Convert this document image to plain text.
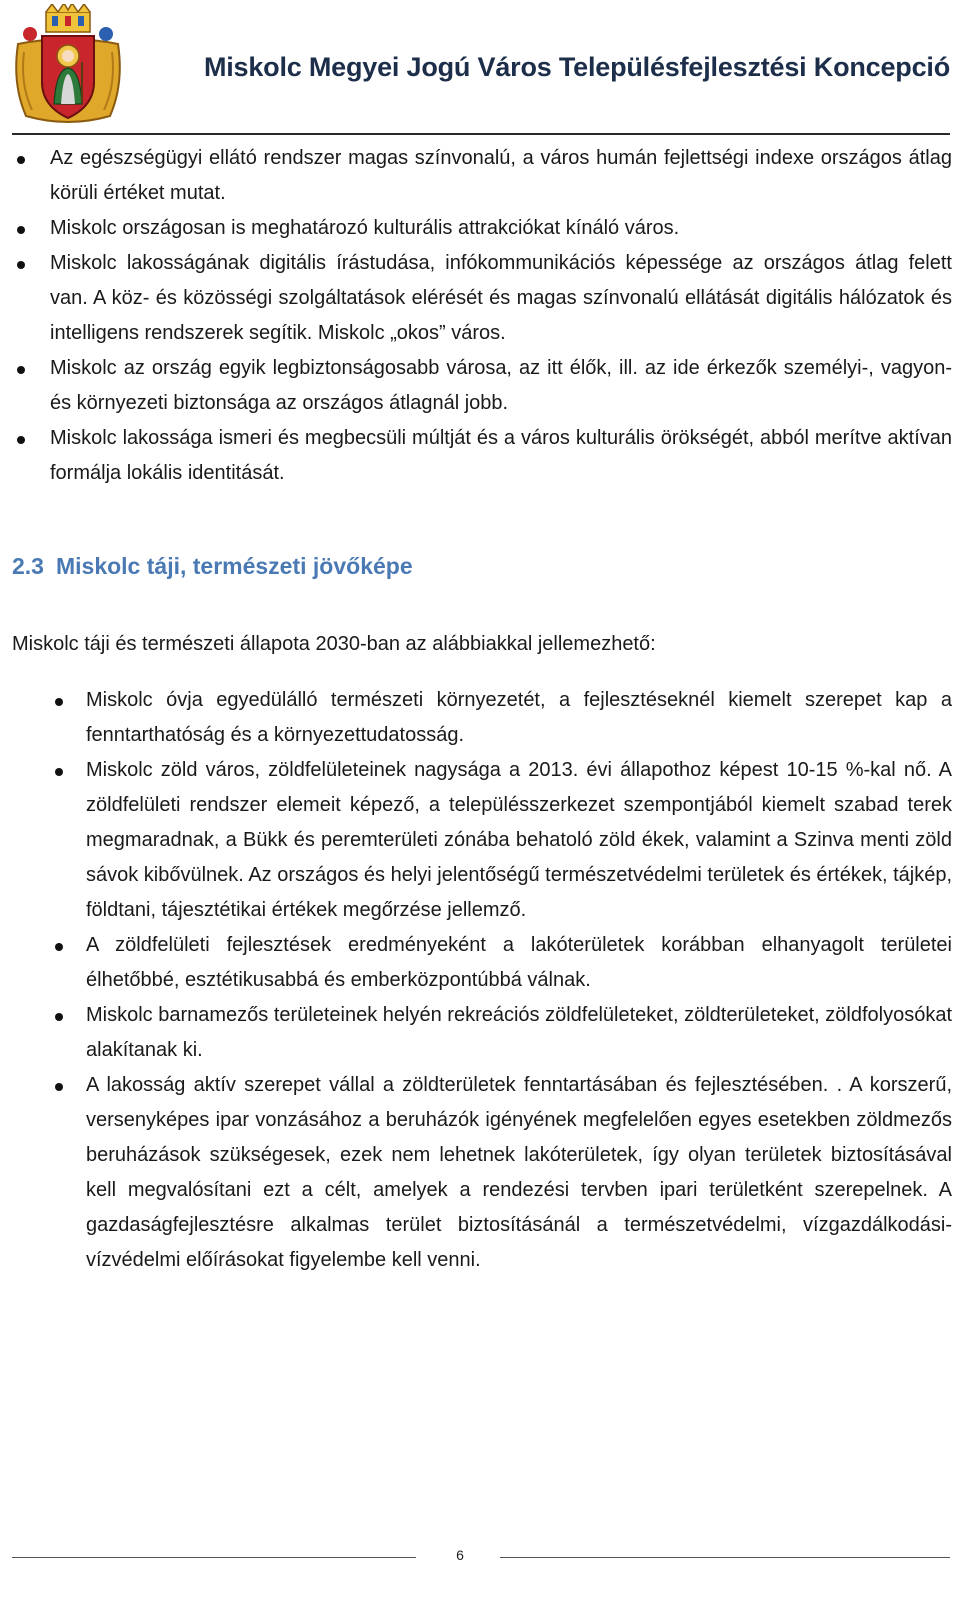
Miskolc Megyei Jogú Város Településfejlesztési Koncepció
Az egészségügyi ellátó rendszer magas színvonalú, a város humán fejlettségi indexe országos átlag körüli értéket mutat.
Miskolc országosan is meghatározó kulturális attrakciókat kínáló város.
Miskolc lakosságának digitális írástudása, infókommunikációs képessége az országos átlag felett van. A köz- és közösségi szolgáltatások elérését és magas színvonalú ellátását digitális hálózatok és intelligens rendszerek segítik. Miskolc „okos” város.
Miskolc az ország egyik legbiztonságosabb városa, az itt élők, ill. az ide érkezők személyi-, vagyon- és környezeti biztonsága az országos átlagnál jobb.
Miskolc lakossága ismeri és megbecsüli múltját és a város kulturális örökségét, abból merítve aktívan formálja lokális identitását.
2.3 Miskolc táji, természeti jövőképe
Miskolc táji és természeti állapota 2030-ban az alábbiakkal jellemezhető:
Miskolc óvja egyedülálló természeti környezetét, a fejlesztéseknél kiemelt szerepet kap a fenntarthatóság és a környezettudatosság.
Miskolc zöld város, zöldfelületeinek nagysága a 2013. évi állapothoz képest 10-15 %-kal nő. A zöldfelületi rendszer elemeit képező, a településszerkezet szempontjából kiemelt szabad terek megmaradnak, a Bükk és peremterületi zónába behatoló zöld ékek, valamint a Szinva menti zöld sávok kibővülnek. Az országos és helyi jelentőségű természetvédelmi területek és értékek, tájkép, földtani, tájesztétikai értékek megőrzése jellemző.
A zöldfelületi fejlesztések eredményeként a lakóterületek korábban elhanyagolt területei élhetőbbé, esztétikusabbá és emberközpontúbbá válnak.
Miskolc barnamezős területeinek helyén rekreációs zöldfelületeket, zöldterületeket, zöldfolyosókat alakítanak ki.
A lakosság aktív szerepet vállal a zöldterületek fenntartásában és fejlesztésében. . A korszerű, versenyképes ipar vonzásához a beruházók igényének megfelelően egyes esetekben zöldmezős beruházások szükségesek, ezek nem lehetnek lakóterületek, így olyan területek biztosításával kell megvalósítani ezt a célt, amelyek a rendezési tervben ipari területként szerepelnek. A gazdaságfejlesztésre alkalmas terület biztosításánál a természetvédelmi, vízgazdálkodási-vízvédelmi előírásokat figyelembe kell venni.
6
